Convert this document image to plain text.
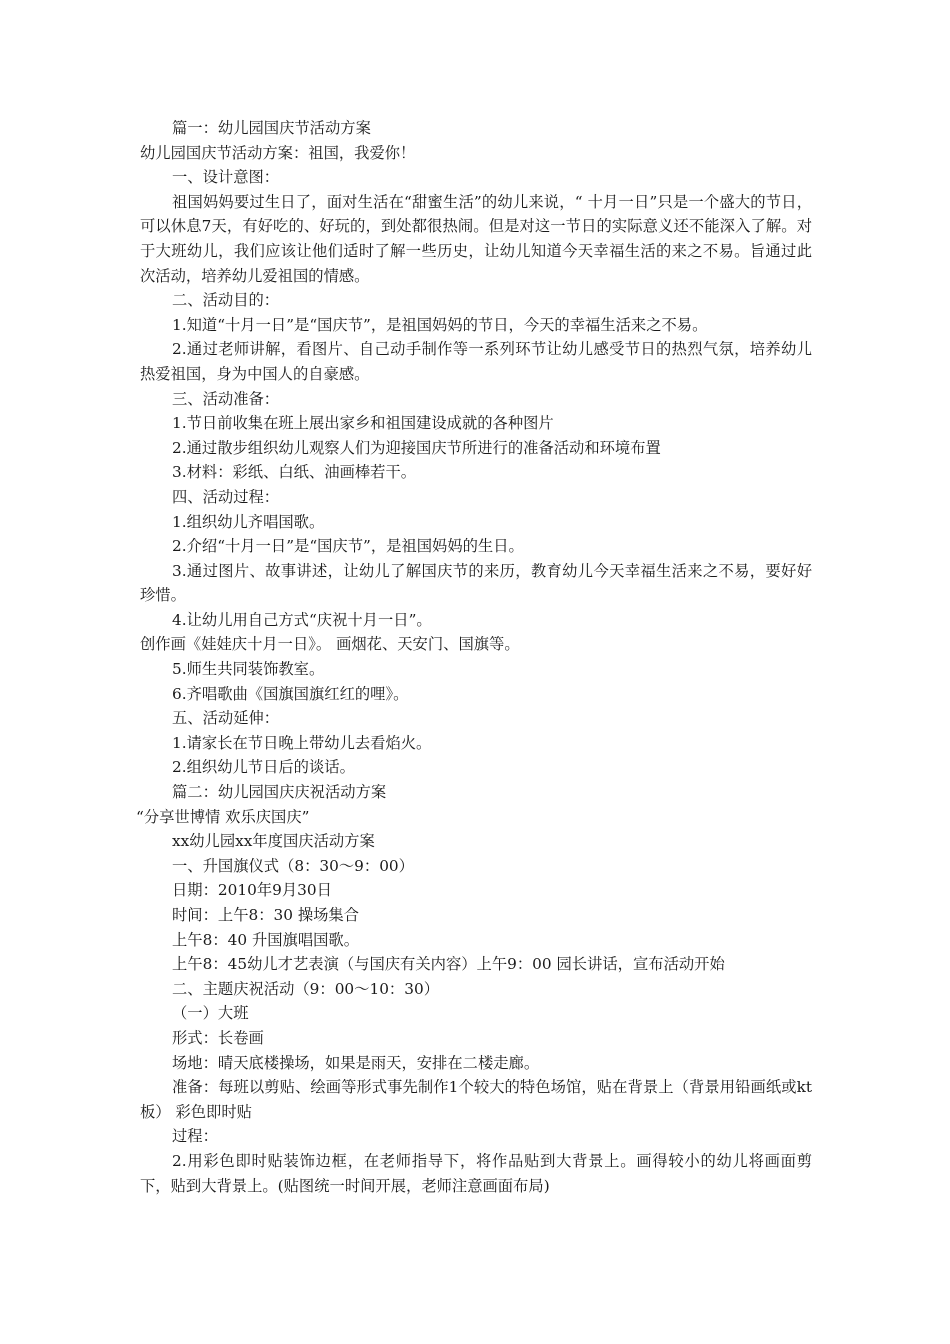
篇一：幼儿园国庆节活动方案

幼儿园国庆节活动方案：祖国，我爱你！

一、设计意图：

祖国妈妈要过生日了，面对生活在“甜蜜生活”的幼儿来说，“ 十月一日”只是一个盛大的节日，可以休息7天，有好吃的、好玩的，到处都很热闹。但是对这一节日的实际意义还不能深入了解。对于大班幼儿，我们应该让他们适时了解一些历史，让幼儿知道今天幸福生活的来之不易。旨通过此次活动，培养幼儿爱祖国的情感。

二、活动目的：

1.知道“十月一日”是“国庆节”，是祖国妈妈的节日，今天的幸福生活来之不易。

2.通过老师讲解，看图片、自己动手制作等一系列环节让幼儿感受节日的热烈气氛，培养幼儿热爱祖国，身为中国人的自豪感。

三、活动准备：

1.节日前收集在班上展出家乡和祖国建设成就的各种图片

2.通过散步组织幼儿观察人们为迎接国庆节所进行的准备活动和环境布置

3.材料：彩纸、白纸、油画棒若干。

四、活动过程：

1.组织幼儿齐唱国歌。

2.介绍“十月一日”是“国庆节”，是祖国妈妈的生日。

3.通过图片、故事讲述，让幼儿了解国庆节的来历，教育幼儿今天幸福生活来之不易，要好好珍惜。

4.让幼儿用自己方式“庆祝十月一日”。

创作画《娃娃庆十月一日》。 画烟花、天安门、国旗等。

5.师生共同装饰教室。

6.齐唱歌曲《国旗国旗红红的哩》。

五、活动延伸：

1.请家长在节日晚上带幼儿去看焰火。

2.组织幼儿节日后的谈话。

篇二：幼儿园国庆庆祝活动方案

“分享世博情 欢乐庆国庆”

xx幼儿园xx年度国庆活动方案

一、升国旗仪式（8：30～9：00）

日期：2010年9月30日

时间：上午8：30 操场集合

上午8：40 升国旗唱国歌。

上午8：45幼儿才艺表演（与国庆有关内容）上午9：00 园长讲话，宣布活动开始

二、主题庆祝活动（9：00～10：30）

（一）大班

形式：长卷画

场地：晴天底楼操场，如果是雨天，安排在二楼走廊。

准备：每班以剪贴、绘画等形式事先制作1个较大的特色场馆，贴在背景上（背景用铅画纸或kt板） 彩色即时贴

过程：

2.用彩色即时贴装饰边框，在老师指导下，将作品贴到大背景上。画得较小的幼儿将画面剪下，贴到大背景上。(贴图统一时间开展，老师注意画面布局)
